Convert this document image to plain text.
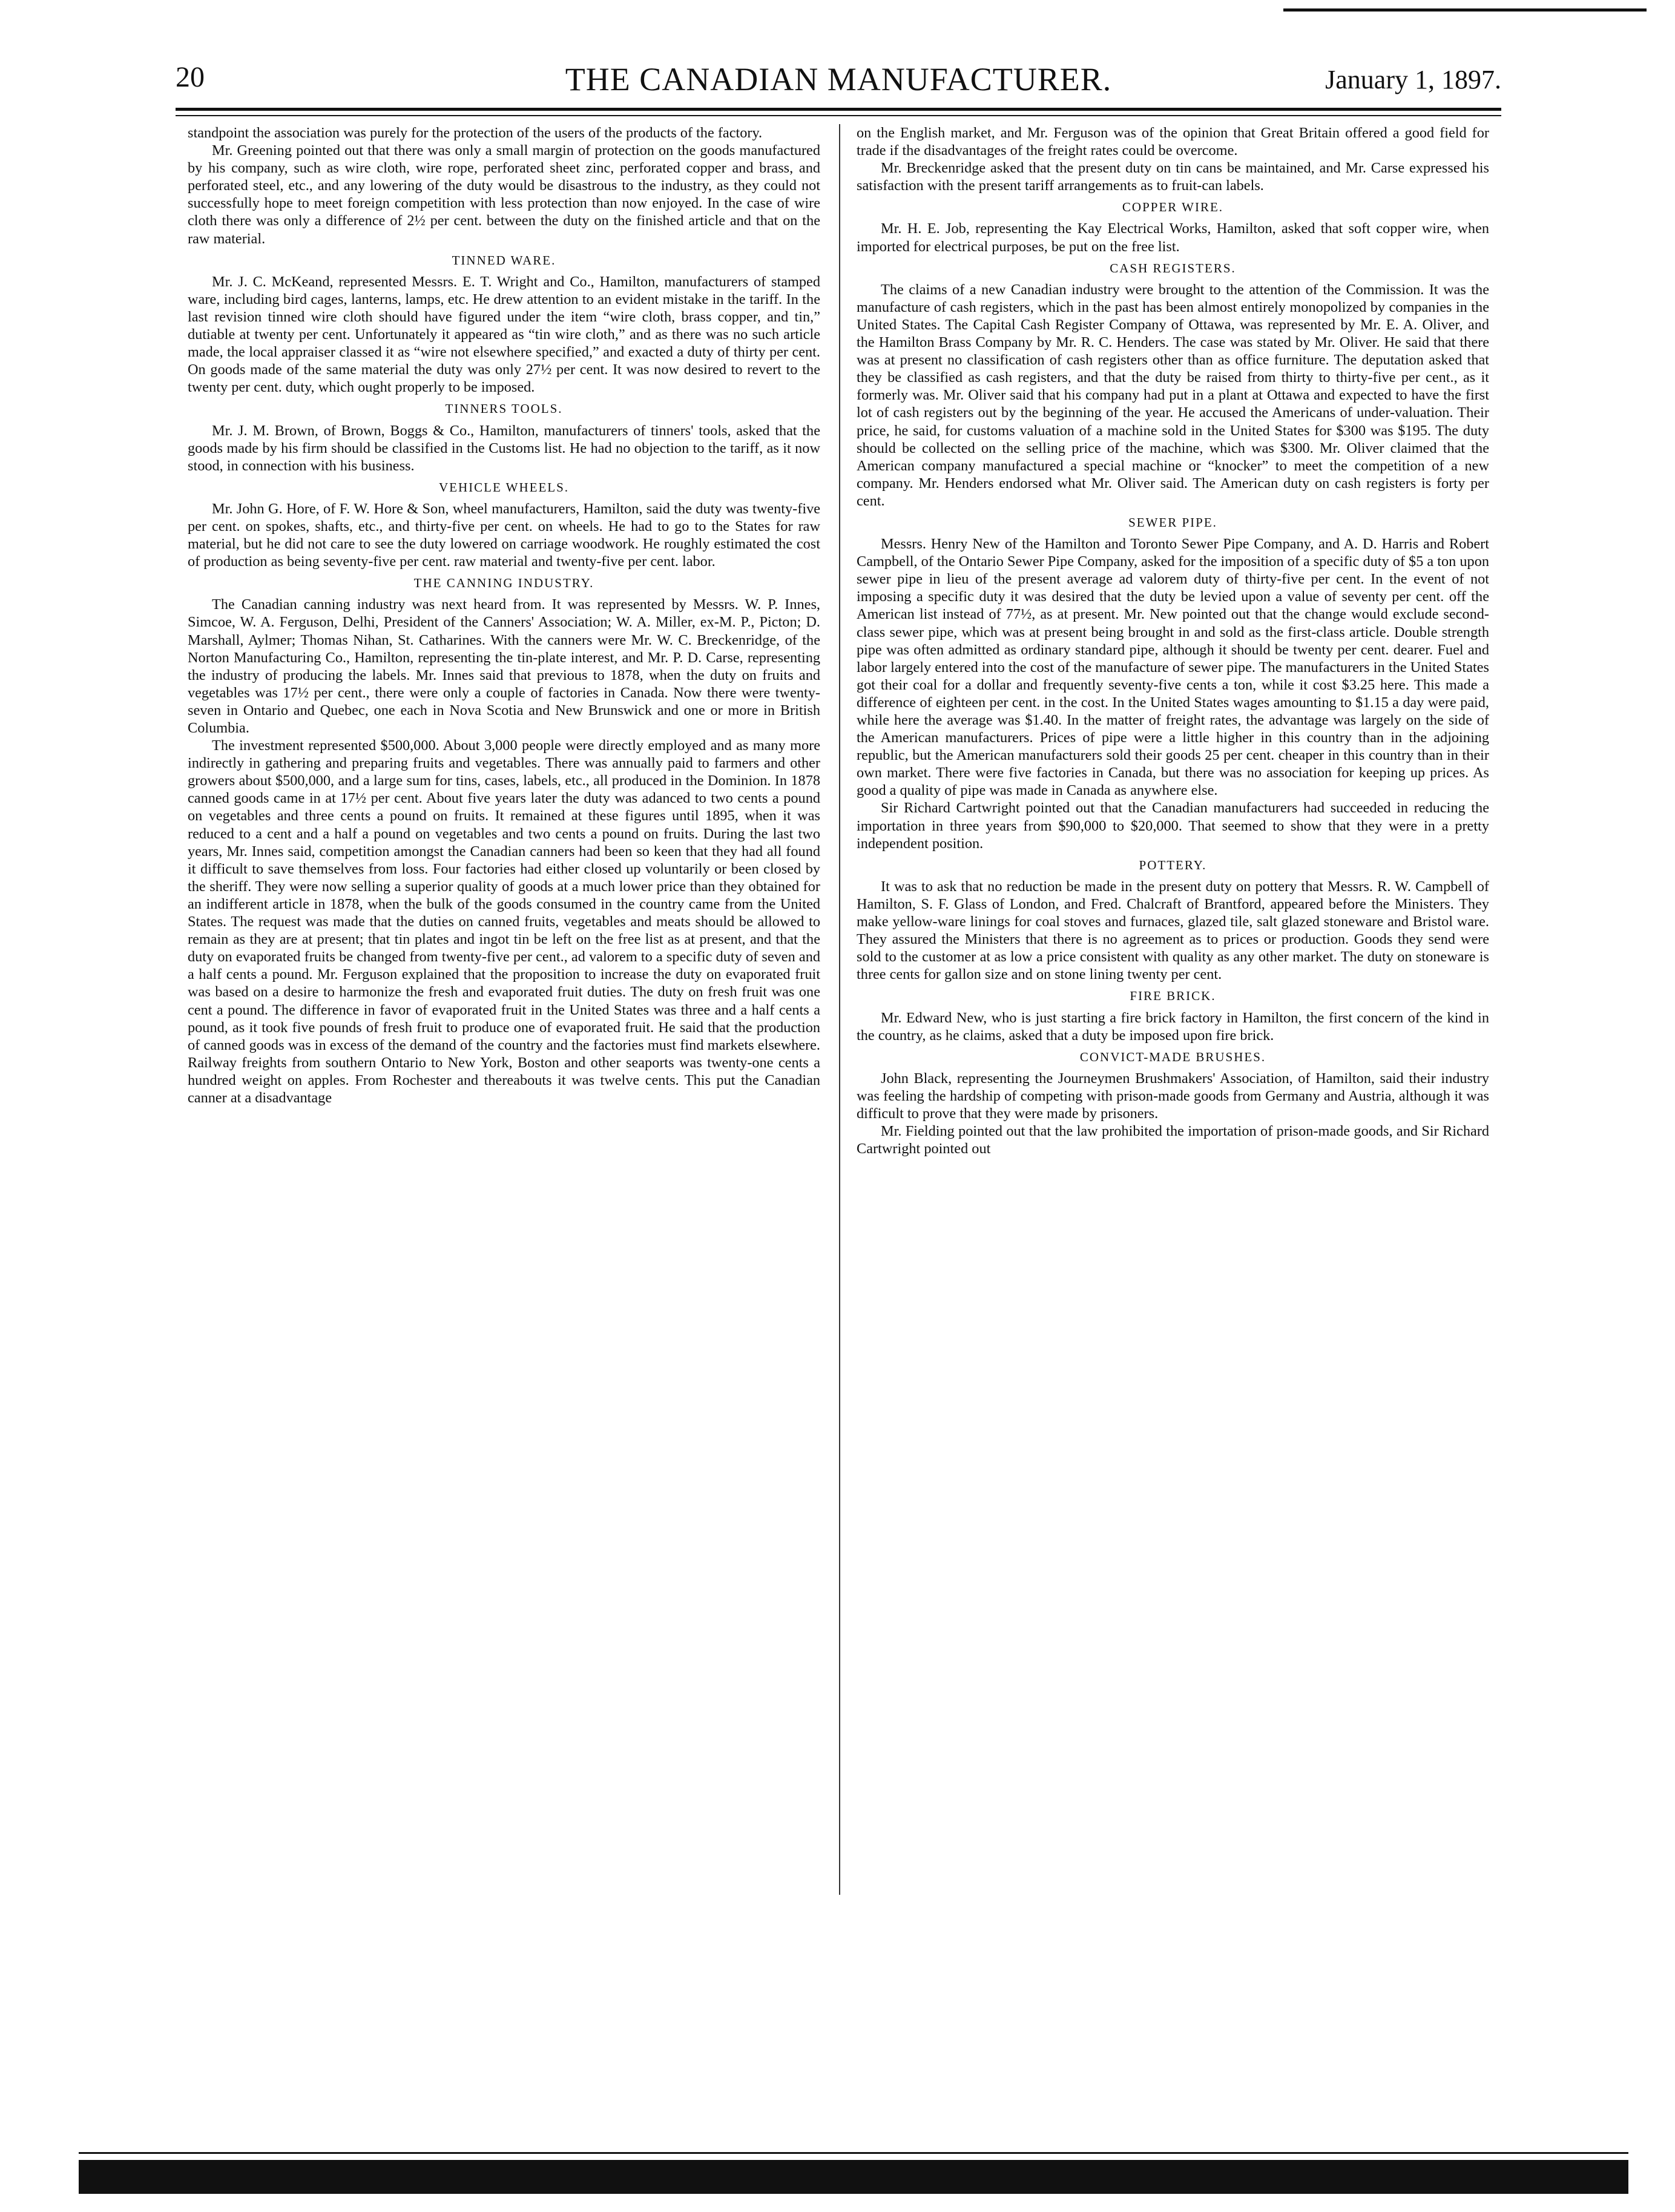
20	THE CANADIAN MANUFACTURER.	January 1, 1897.

standpoint the association was purely for the protection of the users of the products of the factory.

Mr. Greening pointed out that there was only a small margin of protection on the goods manufactured by his company, such as wire cloth, wire rope, perforated sheet zinc, perforated copper and brass, and perforated steel, etc., and any lowering of the duty would be disastrous to the industry, as they could not successfully hope to meet foreign competition with less protection than now enjoyed. In the case of wire cloth there was only a difference of 2½ per cent. between the duty on the finished article and that on the raw material.

TINNED WARE.

Mr. J. C. McKeand, represented Messrs. E. T. Wright and Co., Hamilton, manufacturers of stamped ware, including bird cages, lanterns, lamps, etc. He drew attention to an evident mistake in the tariff. In the last revision tinned wire cloth should have figured under the item “wire cloth, brass copper, and tin,” dutiable at twenty per cent. Unfortunately it appeared as “tin wire cloth,” and as there was no such article made, the local appraiser classed it as “wire not elsewhere specified,” and exacted a duty of thirty per cent. On goods made of the same material the duty was only 27½ per cent. It was now desired to revert to the twenty per cent. duty, which ought properly to be imposed.

TINNERS TOOLS.

Mr. J. M. Brown, of Brown, Boggs & Co., Hamilton, manufacturers of tinners' tools, asked that the goods made by his firm should be classified in the Customs list. He had no objection to the tariff, as it now stood, in connection with his business.

VEHICLE WHEELS.

Mr. John G. Hore, of F. W. Hore & Son, wheel manufacturers, Hamilton, said the duty was twenty-five per cent. on spokes, shafts, etc., and thirty-five per cent. on wheels. He had to go to the States for raw material, but he did not care to see the duty lowered on carriage woodwork. He roughly estimated the cost of production as being seventy-five per cent. raw material and twenty-five per cent. labor.

THE CANNING INDUSTRY.

The Canadian canning industry was next heard from. It was represented by Messrs. W. P. Innes, Simcoe, W. A. Ferguson, Delhi, President of the Canners' Association; W. A. Miller, ex-M. P., Picton; D. Marshall, Aylmer; Thomas Nihan, St. Catharines. With the canners were Mr. W. C. Breckenridge, of the Norton Manufacturing Co., Hamilton, representing the tin-plate interest, and Mr. P. D. Carse, representing the industry of producing the labels. Mr. Innes said that previous to 1878, when the duty on fruits and vegetables was 17½ per cent., there were only a couple of factories in Canada. Now there were twenty-seven in Ontario and Quebec, one each in Nova Scotia and New Brunswick and one or more in British Columbia.

The investment represented $500,000. About 3,000 people were directly employed and as many more indirectly in gathering and preparing fruits and vegetables. There was annually paid to farmers and other growers about $500,000, and a large sum for tins, cases, labels, etc., all produced in the Dominion. In 1878 canned goods came in at 17½ per cent. About five years later the duty was adanced to two cents a pound on vegetables and three cents a pound on fruits. It remained at these figures until 1895, when it was reduced to a cent and a half a pound on vegetables and two cents a pound on fruits. During the last two years, Mr. Innes said, competition amongst the Canadian canners had been so keen that they had all found it difficult to save themselves from loss. Four factories had either closed up voluntarily or been closed by the sheriff. They were now selling a superior quality of goods at a much lower price than they obtained for an indifferent article in 1878, when the bulk of the goods consumed in the country came from the United States. The request was made that the duties on canned fruits, vegetables and meats should be allowed to remain as they are at present; that tin plates and ingot tin be left on the free list as at present, and that the duty on evaporated fruits be changed from twenty-five per cent., ad valorem to a specific duty of seven and a half cents a pound. Mr. Ferguson explained that the proposition to increase the duty on evaporated fruit was based on a desire to harmonize the fresh and evaporated fruit duties. The duty on fresh fruit was one cent a pound. The difference in favor of evaporated fruit in the United States was three and a half cents a pound, as it took five pounds of fresh fruit to produce one of evaporated fruit. He said that the production of canned goods was in excess of the demand of the country and the factories must find markets elsewhere. Railway freights from southern Ontario to New York, Boston and other seaports was twenty-one cents a hundred weight on apples. From Rochester and thereabouts it was twelve cents. This put the Canadian canner at a disadvantage

on the English market, and Mr. Ferguson was of the opinion that Great Britain offered a good field for trade if the disadvantages of the freight rates could be overcome.

Mr. Breckenridge asked that the present duty on tin cans be maintained, and Mr. Carse expressed his satisfaction with the present tariff arrangements as to fruit-can labels.

COPPER WIRE.

Mr. H. E. Job, representing the Kay Electrical Works, Hamilton, asked that soft copper wire, when imported for electrical purposes, be put on the free list.

CASH REGISTERS.

The claims of a new Canadian industry were brought to the attention of the Commission. It was the manufacture of cash registers, which in the past has been almost entirely monopolized by companies in the United States. The Capital Cash Register Company of Ottawa, was represented by Mr. E. A. Oliver, and the Hamilton Brass Company by Mr. R. C. Henders. The case was stated by Mr. Oliver. He said that there was at present no classification of cash registers other than as office furniture. The deputation asked that they be classified as cash registers, and that the duty be raised from thirty to thirty-five per cent., as it formerly was. Mr. Oliver said that his company had put in a plant at Ottawa and expected to have the first lot of cash registers out by the beginning of the year. He accused the Americans of under-valuation. Their price, he said, for customs valuation of a machine sold in the United States for $300 was $195. The duty should be collected on the selling price of the machine, which was $300. Mr. Oliver claimed that the American company manufactured a special machine or “knocker” to meet the competition of a new company. Mr. Henders endorsed what Mr. Oliver said. The American duty on cash registers is forty per cent.

SEWER PIPE.

Messrs. Henry New of the Hamilton and Toronto Sewer Pipe Company, and A. D. Harris and Robert Campbell, of the Ontario Sewer Pipe Company, asked for the imposition of a specific duty of $5 a ton upon sewer pipe in lieu of the present average ad valorem duty of thirty-five per cent. In the event of not imposing a specific duty it was desired that the duty be levied upon a value of seventy per cent. off the American list instead of 77½, as at present. Mr. New pointed out that the change would exclude second-class sewer pipe, which was at present being brought in and sold as the first-class article. Double strength pipe was often admitted as ordinary standard pipe, although it should be twenty per cent. dearer. Fuel and labor largely entered into the cost of the manufacture of sewer pipe. The manufacturers in the United States got their coal for a dollar and frequently seventy-five cents a ton, while it cost $3.25 here. This made a difference of eighteen per cent. in the cost. In the United States wages amounting to $1.15 a day were paid, while here the average was $1.40. In the matter of freight rates, the advantage was largely on the side of the American manufacturers. Prices of pipe were a little higher in this country than in the adjoining republic, but the American manufacturers sold their goods 25 per cent. cheaper in this country than in their own market. There were five factories in Canada, but there was no association for keeping up prices. As good a quality of pipe was made in Canada as anywhere else.

Sir Richard Cartwright pointed out that the Canadian manufacturers had succeeded in reducing the importation in three years from $90,000 to $20,000. That seemed to show that they were in a pretty independent position.

POTTERY.

It was to ask that no reduction be made in the present duty on pottery that Messrs. R. W. Campbell of Hamilton, S. F. Glass of London, and Fred. Chalcraft of Brantford, appeared before the Ministers. They make yellow-ware linings for coal stoves and furnaces, glazed tile, salt glazed stoneware and Bristol ware. They assured the Ministers that there is no agreement as to prices or production. Goods they send were sold to the customer at as low a price consistent with quality as any other market. The duty on stoneware is three cents for gallon size and on stone lining twenty per cent.

FIRE BRICK.

Mr. Edward New, who is just starting a fire brick factory in Hamilton, the first concern of the kind in the country, as he claims, asked that a duty be imposed upon fire brick.

CONVICT-MADE BRUSHES.

John Black, representing the Journeymen Brushmakers' Association, of Hamilton, said their industry was feeling the hardship of competing with prison-made goods from Germany and Austria, although it was difficult to prove that they were made by prisoners.

Mr. Fielding pointed out that the law prohibited the importation of prison-made goods, and Sir Richard Cartwright pointed out
